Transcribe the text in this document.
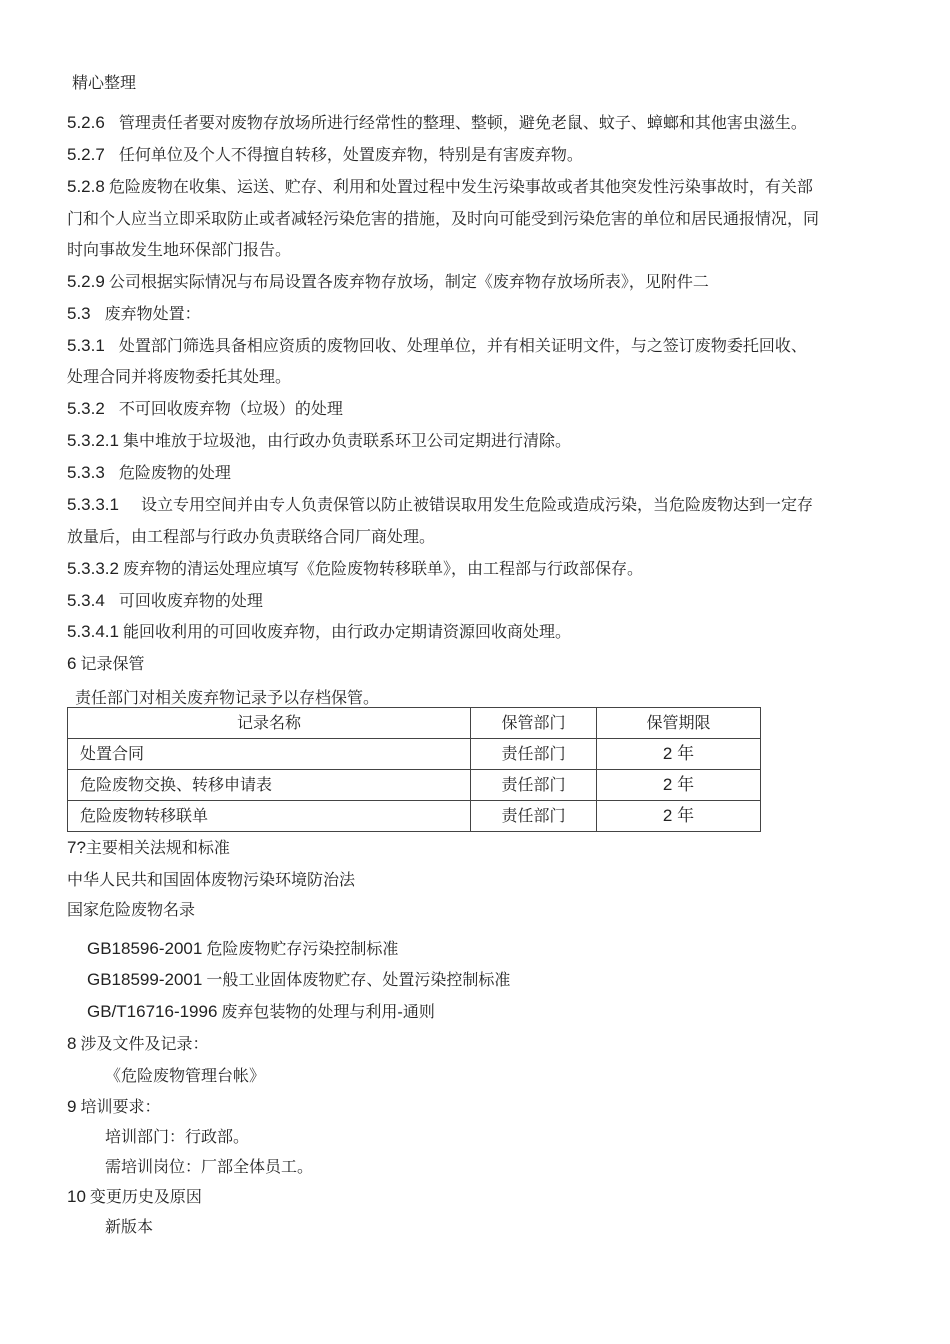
精心整理
5.2.6 管理责任者要对废物存放场所进行经常性的整理、整顿，避免老鼠、蚊子、蟑螂和其他害虫滋生。
5.2.7 任何单位及个人不得擅自转移，处置废弃物，特别是有害废弃物。
5.2.8 危险废物在收集、运送、贮存、利用和处置过程中发生污染事故或者其他突发性污染事故时，有关部
门和个人应当立即采取防止或者减轻污染危害的措施，及时向可能受到污染危害的单位和居民通报情况，同
时向事故发生地环保部门报告。
5.2.9 公司根据实际情况与布局设置各废弃物存放场，制定《废弃物存放场所表》，见附件二
5.3 废弃物处置：
5.3.1 处置部门筛选具备相应资质的废物回收、处理单位，并有相关证明文件，与之签订废物委托回收、
处理合同并将废物委托其处理。
5.3.2 不可回收废弃物（垃圾）的处理
5.3.2.1 集中堆放于垃圾池，由行政办负责联系环卫公司定期进行清除。
5.3.3 危险废物的处理
5.3.3.1 设立专用空间并由专人负责保管以防止被错误取用发生危险或造成污染，当危险废物达到一定存
放量后，由工程部与行政办负责联络合同厂商处理。
5.3.3.2 废弃物的清运处理应填写《危险废物转移联单》，由工程部与行政部保存。
5.3.4 可回收废弃物的处理
5.3.4.1 能回收利用的可回收废弃物，由行政办定期请资源回收商处理。
6 记录保管
责任部门对相关废弃物记录予以存档保管。
记录名称	保管部门	保管期限
处置合同	责任部门	2 年
危险废物交换、转移申请表	责任部门	2 年
危险废物转移联单	责任部门	2 年
7?主要相关法规和标准
中华人民共和国固体废物污染环境防治法
国家危险废物名录
GB18596-2001 危险废物贮存污染控制标准
GB18599-2001 一般工业固体废物贮存、处置污染控制标准
GB/T16716-1996 废弃包装物的处理与利用-通则
8 涉及文件及记录：
《危险废物管理台帐》
9 培训要求：
培训部门：行政部。
需培训岗位：厂部全体员工。
10 变更历史及原因
新版本
